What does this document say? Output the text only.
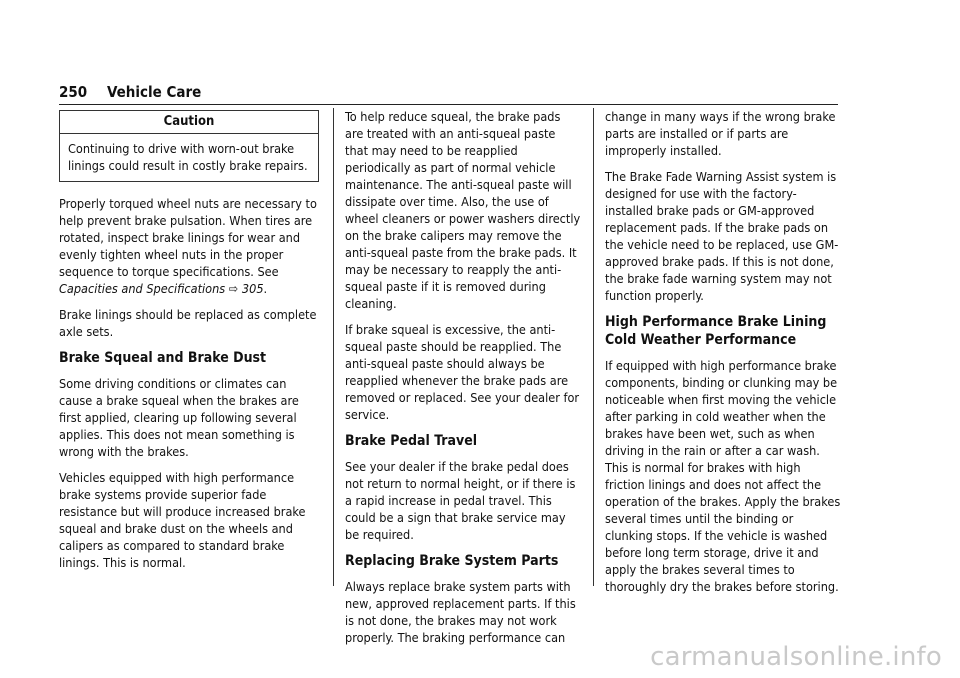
250 Vehicle Care
Caution
Continuing to drive with worn-out brake linings could result in costly brake repairs.

Properly torqued wheel nuts are necessary to help prevent brake pulsation. When tires are rotated, inspect brake linings for wear and evenly tighten wheel nuts in the proper sequence to torque specifications. See Capacities and Specifications ⇨ 305.

Brake linings should be replaced as complete axle sets.

Brake Squeal and Brake Dust

Some driving conditions or climates can cause a brake squeal when the brakes are first applied, clearing up following several applies. This does not mean something is wrong with the brakes.

Vehicles equipped with high performance brake systems provide superior fade resistance but will produce increased brake squeal and brake dust on the wheels and calipers as compared to standard brake linings. This is normal.

To help reduce squeal, the brake pads are treated with an anti-squeal paste that may need to be reapplied periodically as part of normal vehicle maintenance. The anti-squeal paste will dissipate over time. Also, the use of wheel cleaners or power washers directly on the brake calipers may remove the anti-squeal paste from the brake pads. It may be necessary to reapply the anti-squeal paste if it is removed during cleaning.

If brake squeal is excessive, the anti-squeal paste should be reapplied. The anti-squeal paste should always be reapplied whenever the brake pads are removed or replaced. See your dealer for service.

Brake Pedal Travel

See your dealer if the brake pedal does not return to normal height, or if there is a rapid increase in pedal travel. This could be a sign that brake service may be required.

Replacing Brake System Parts

Always replace brake system parts with new, approved replacement parts. If this is not done, the brakes may not work properly. The braking performance can

change in many ways if the wrong brake parts are installed or if parts are improperly installed.

The Brake Fade Warning Assist system is designed for use with the factory-installed brake pads or GM-approved replacement pads. If the brake pads on the vehicle need to be replaced, use GM-approved brake pads. If this is not done, the brake fade warning system may not function properly.

High Performance Brake Lining Cold Weather Performance

If equipped with high performance brake components, binding or clunking may be noticeable when first moving the vehicle after parking in cold weather when the brakes have been wet, such as when driving in the rain or after a car wash. This is normal for brakes with high friction linings and does not affect the operation of the brakes. Apply the brakes several times until the binding or clunking stops. If the vehicle is washed before long term storage, drive it and apply the brakes several times to thoroughly dry the brakes before storing.

carmanualsonline.info
